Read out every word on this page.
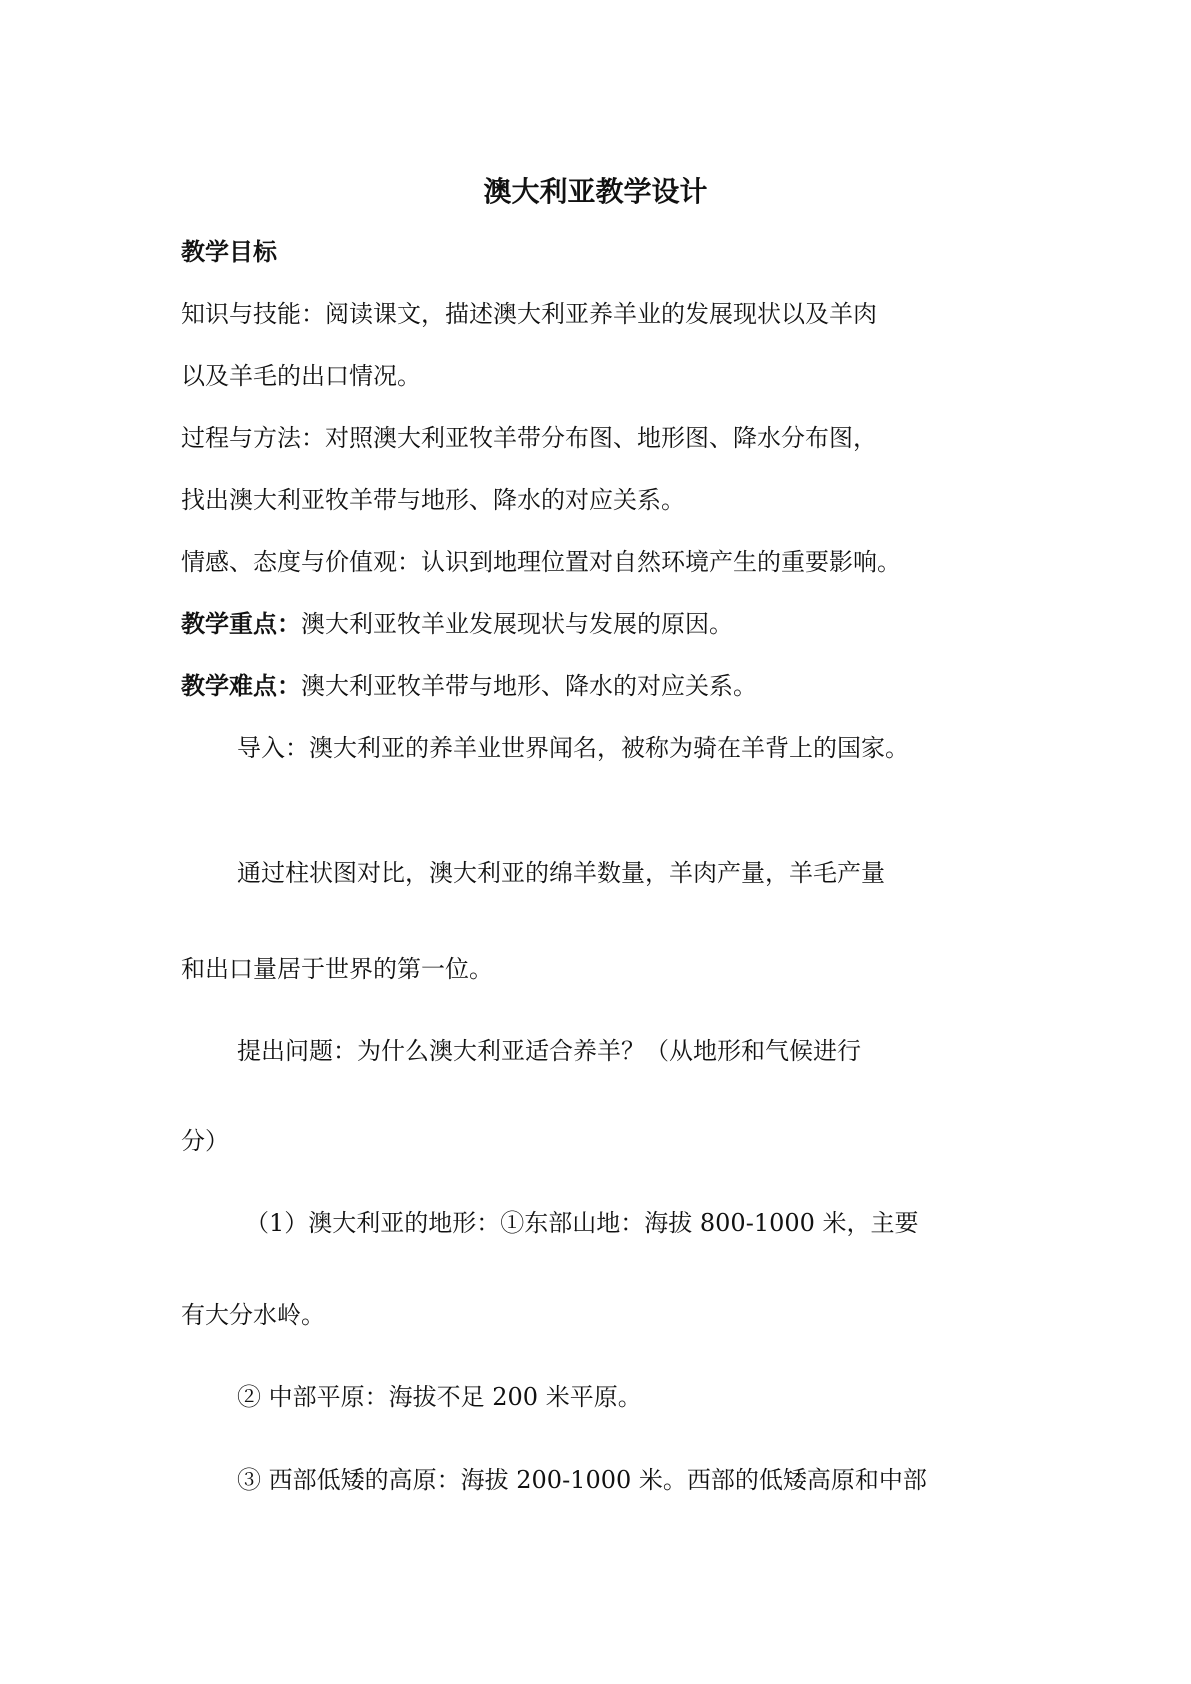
澳大利亚教学设计
教学目标
知识与技能：阅读课文，描述澳大利亚养羊业的发展现状以及羊肉
以及羊毛的出口情况。
过程与方法：对照澳大利亚牧羊带分布图、地形图、降水分布图，
找出澳大利亚牧羊带与地形、降水的对应关系。
情感、态度与价值观：认识到地理位置对自然环境产生的重要影响。
教学重点：澳大利亚牧羊业发展现状与发展的原因。
教学难点：澳大利亚牧羊带与地形、降水的对应关系。
导入：澳大利亚的养羊业世界闻名，被称为骑在羊背上的国家。
通过柱状图对比，澳大利亚的绵羊数量，羊肉产量，羊毛产量
和出口量居于世界的第一位。
提出问题：为什么澳大利亚适合养羊？（从地形和气候进行
分）
（1）澳大利亚的地形：①东部山地：海拔 800-1000 米，主要
有大分水岭。
② 中部平原：海拔不足 200 米平原。
③ 西部低矮的高原：海拔 200-1000 米。西部的低矮高原和中部
